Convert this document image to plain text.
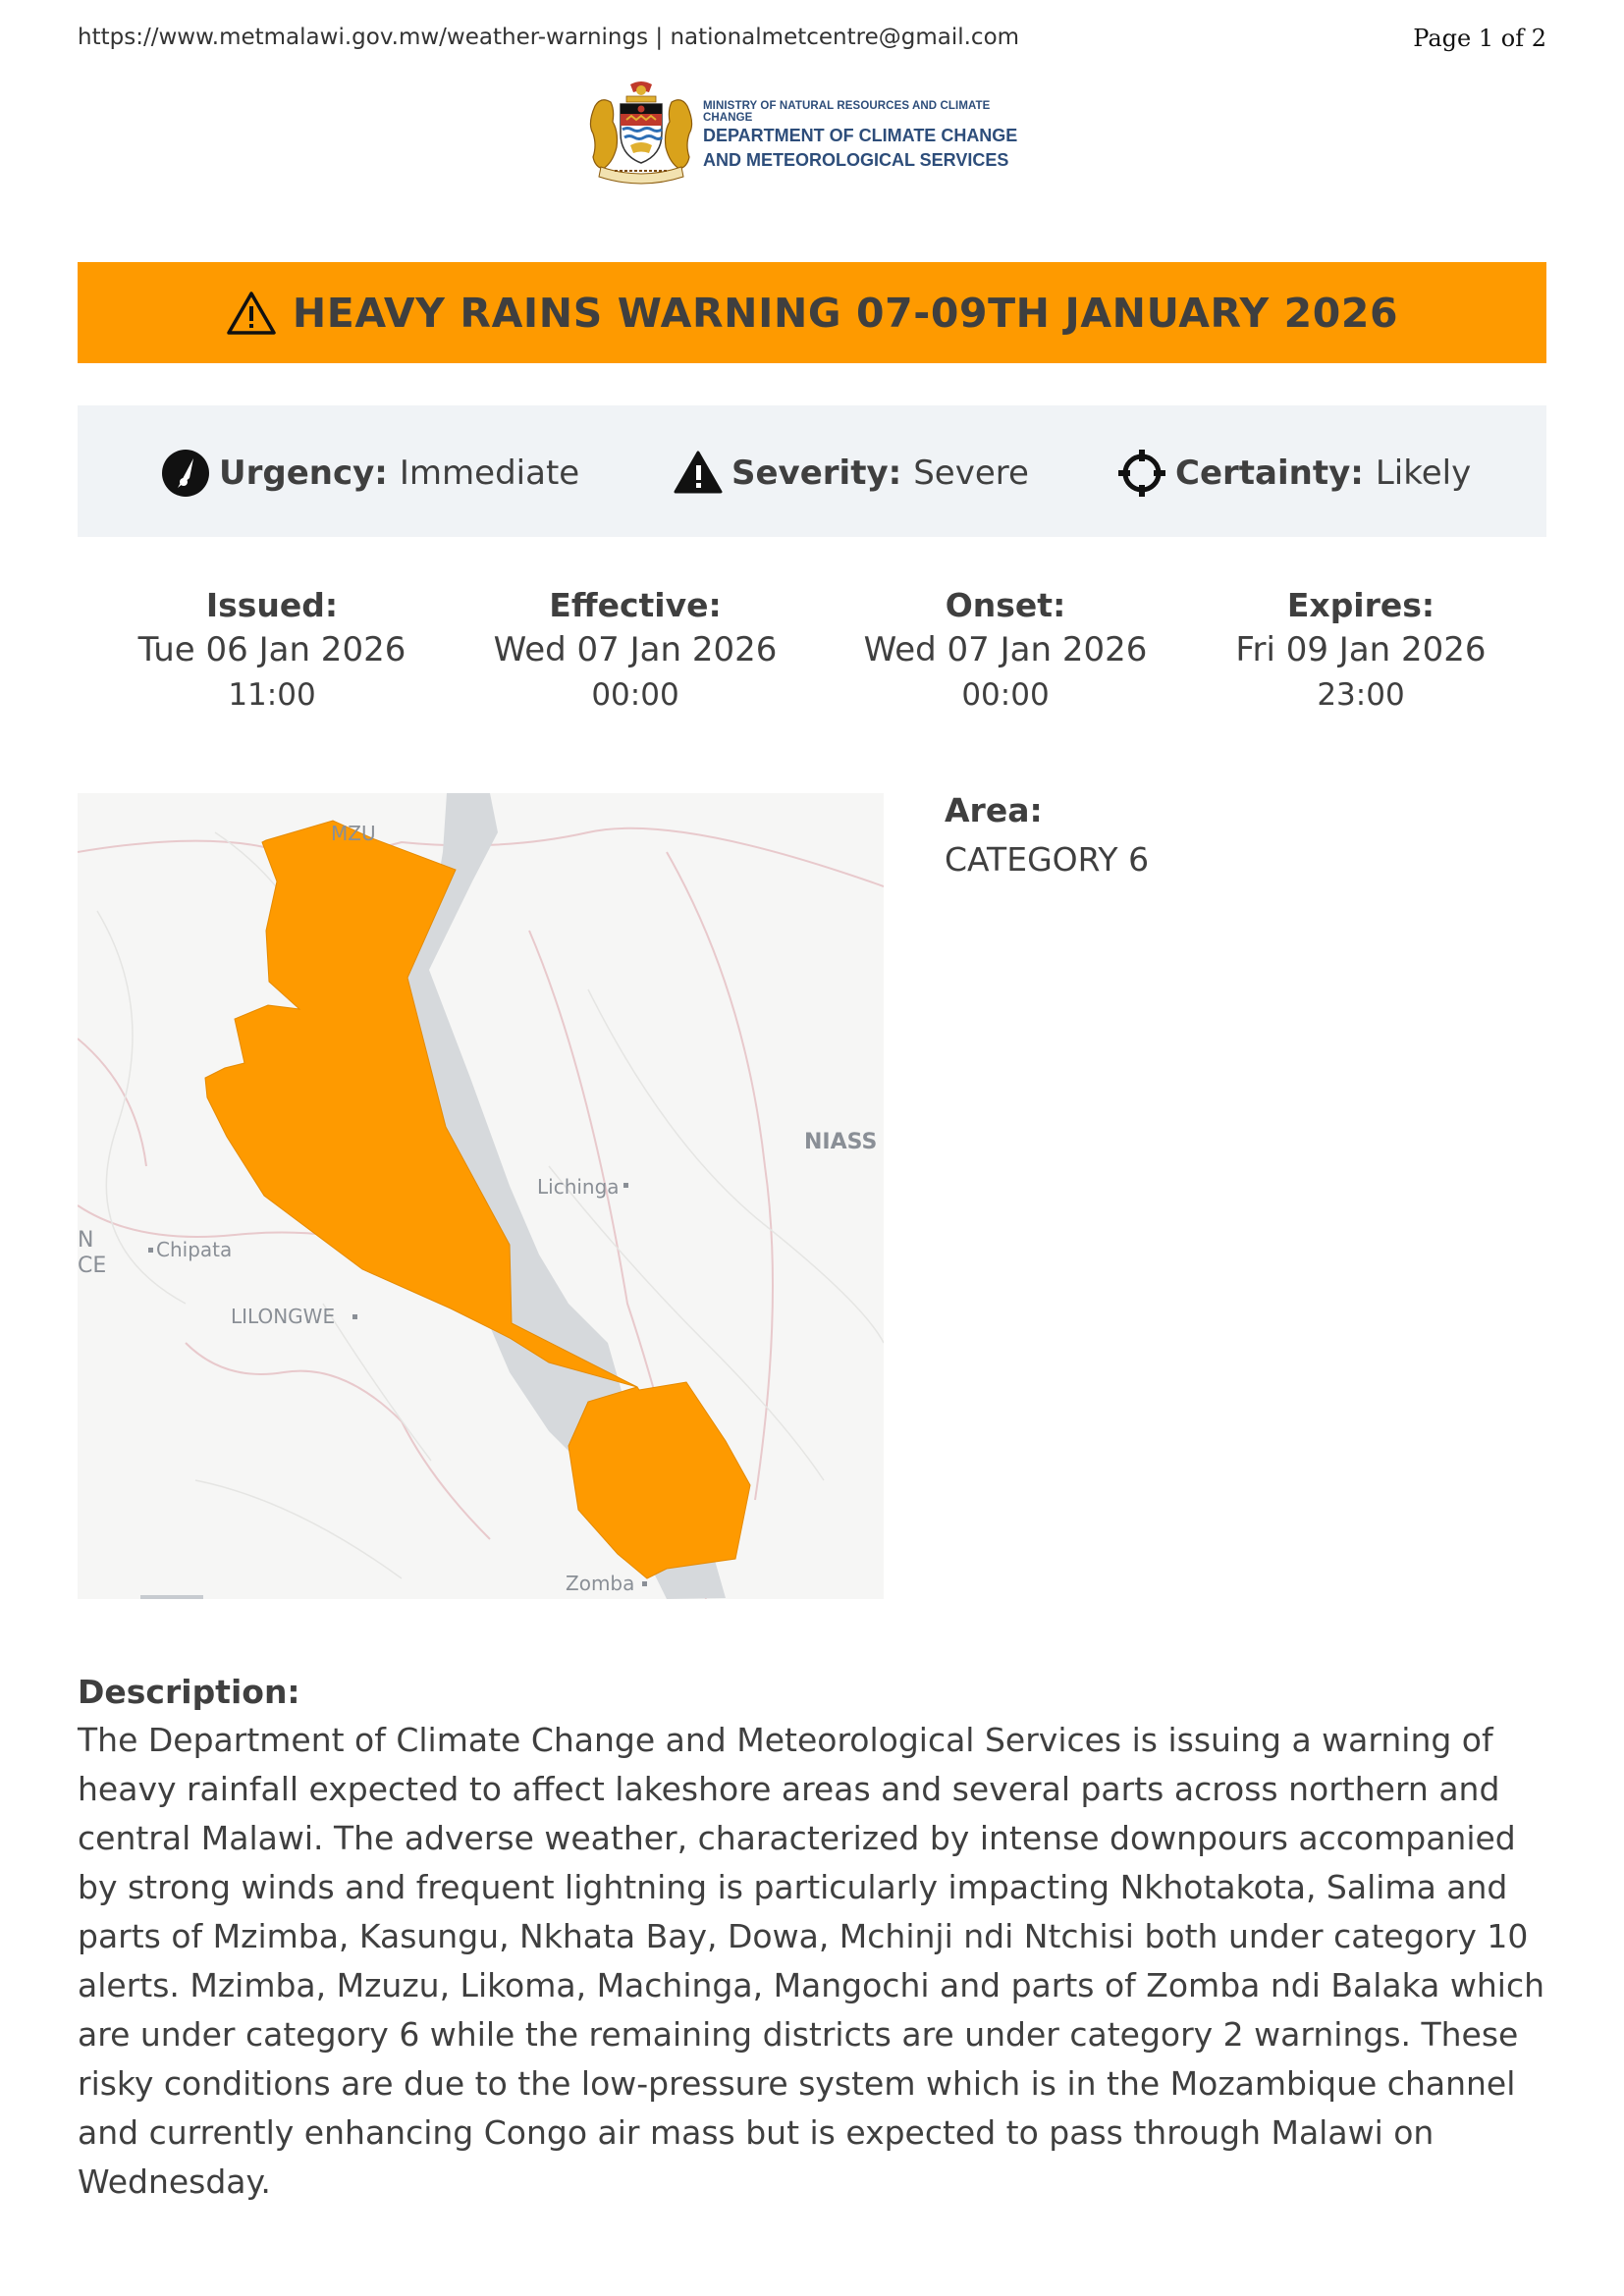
https://www.metmalawi.gov.mw/weather-warnings | nationalmetcentre@gmail.com	Page 1 of 2
MINISTRY OF NATURAL RESOURCES AND CLIMATE CHANGE
DEPARTMENT OF CLIMATE CHANGE
AND METEOROLOGICAL SERVICES
HEAVY RAINS WARNING 07-09TH JANUARY 2026
Urgency: Immediate	Severity: Severe	Certainty: Likely
Issued:
Tue 06 Jan 2026
11:00
Effective:
Wed 07 Jan 2026
00:00
Onset:
Wed 07 Jan 2026
00:00
Expires:
Fri 09 Jan 2026
23:00
MZU
NIASS
Lichinga
Chipata
LILONGWE
Zomba
N
CE
Area:
CATEGORY 6
Description:
The Department of Climate Change and Meteorological Services is issuing a warning of heavy rainfall expected to affect lakeshore areas and several parts across northern and central Malawi. The adverse weather, characterized by intense downpours accompanied by strong winds and frequent lightning is particularly impacting Nkhotakota, Salima and parts of Mzimba, Kasungu, Nkhata Bay, Dowa, Mchinji ndi Ntchisi both under category 10 alerts. Mzimba, Mzuzu, Likoma, Machinga, Mangochi and parts of Zomba ndi Balaka which are under category 6 while the remaining districts are under category 2 warnings. These risky conditions are due to the low-pressure system which is in the Mozambique channel and currently enhancing Congo air mass but is expected to pass through Malawi on Wednesday.
